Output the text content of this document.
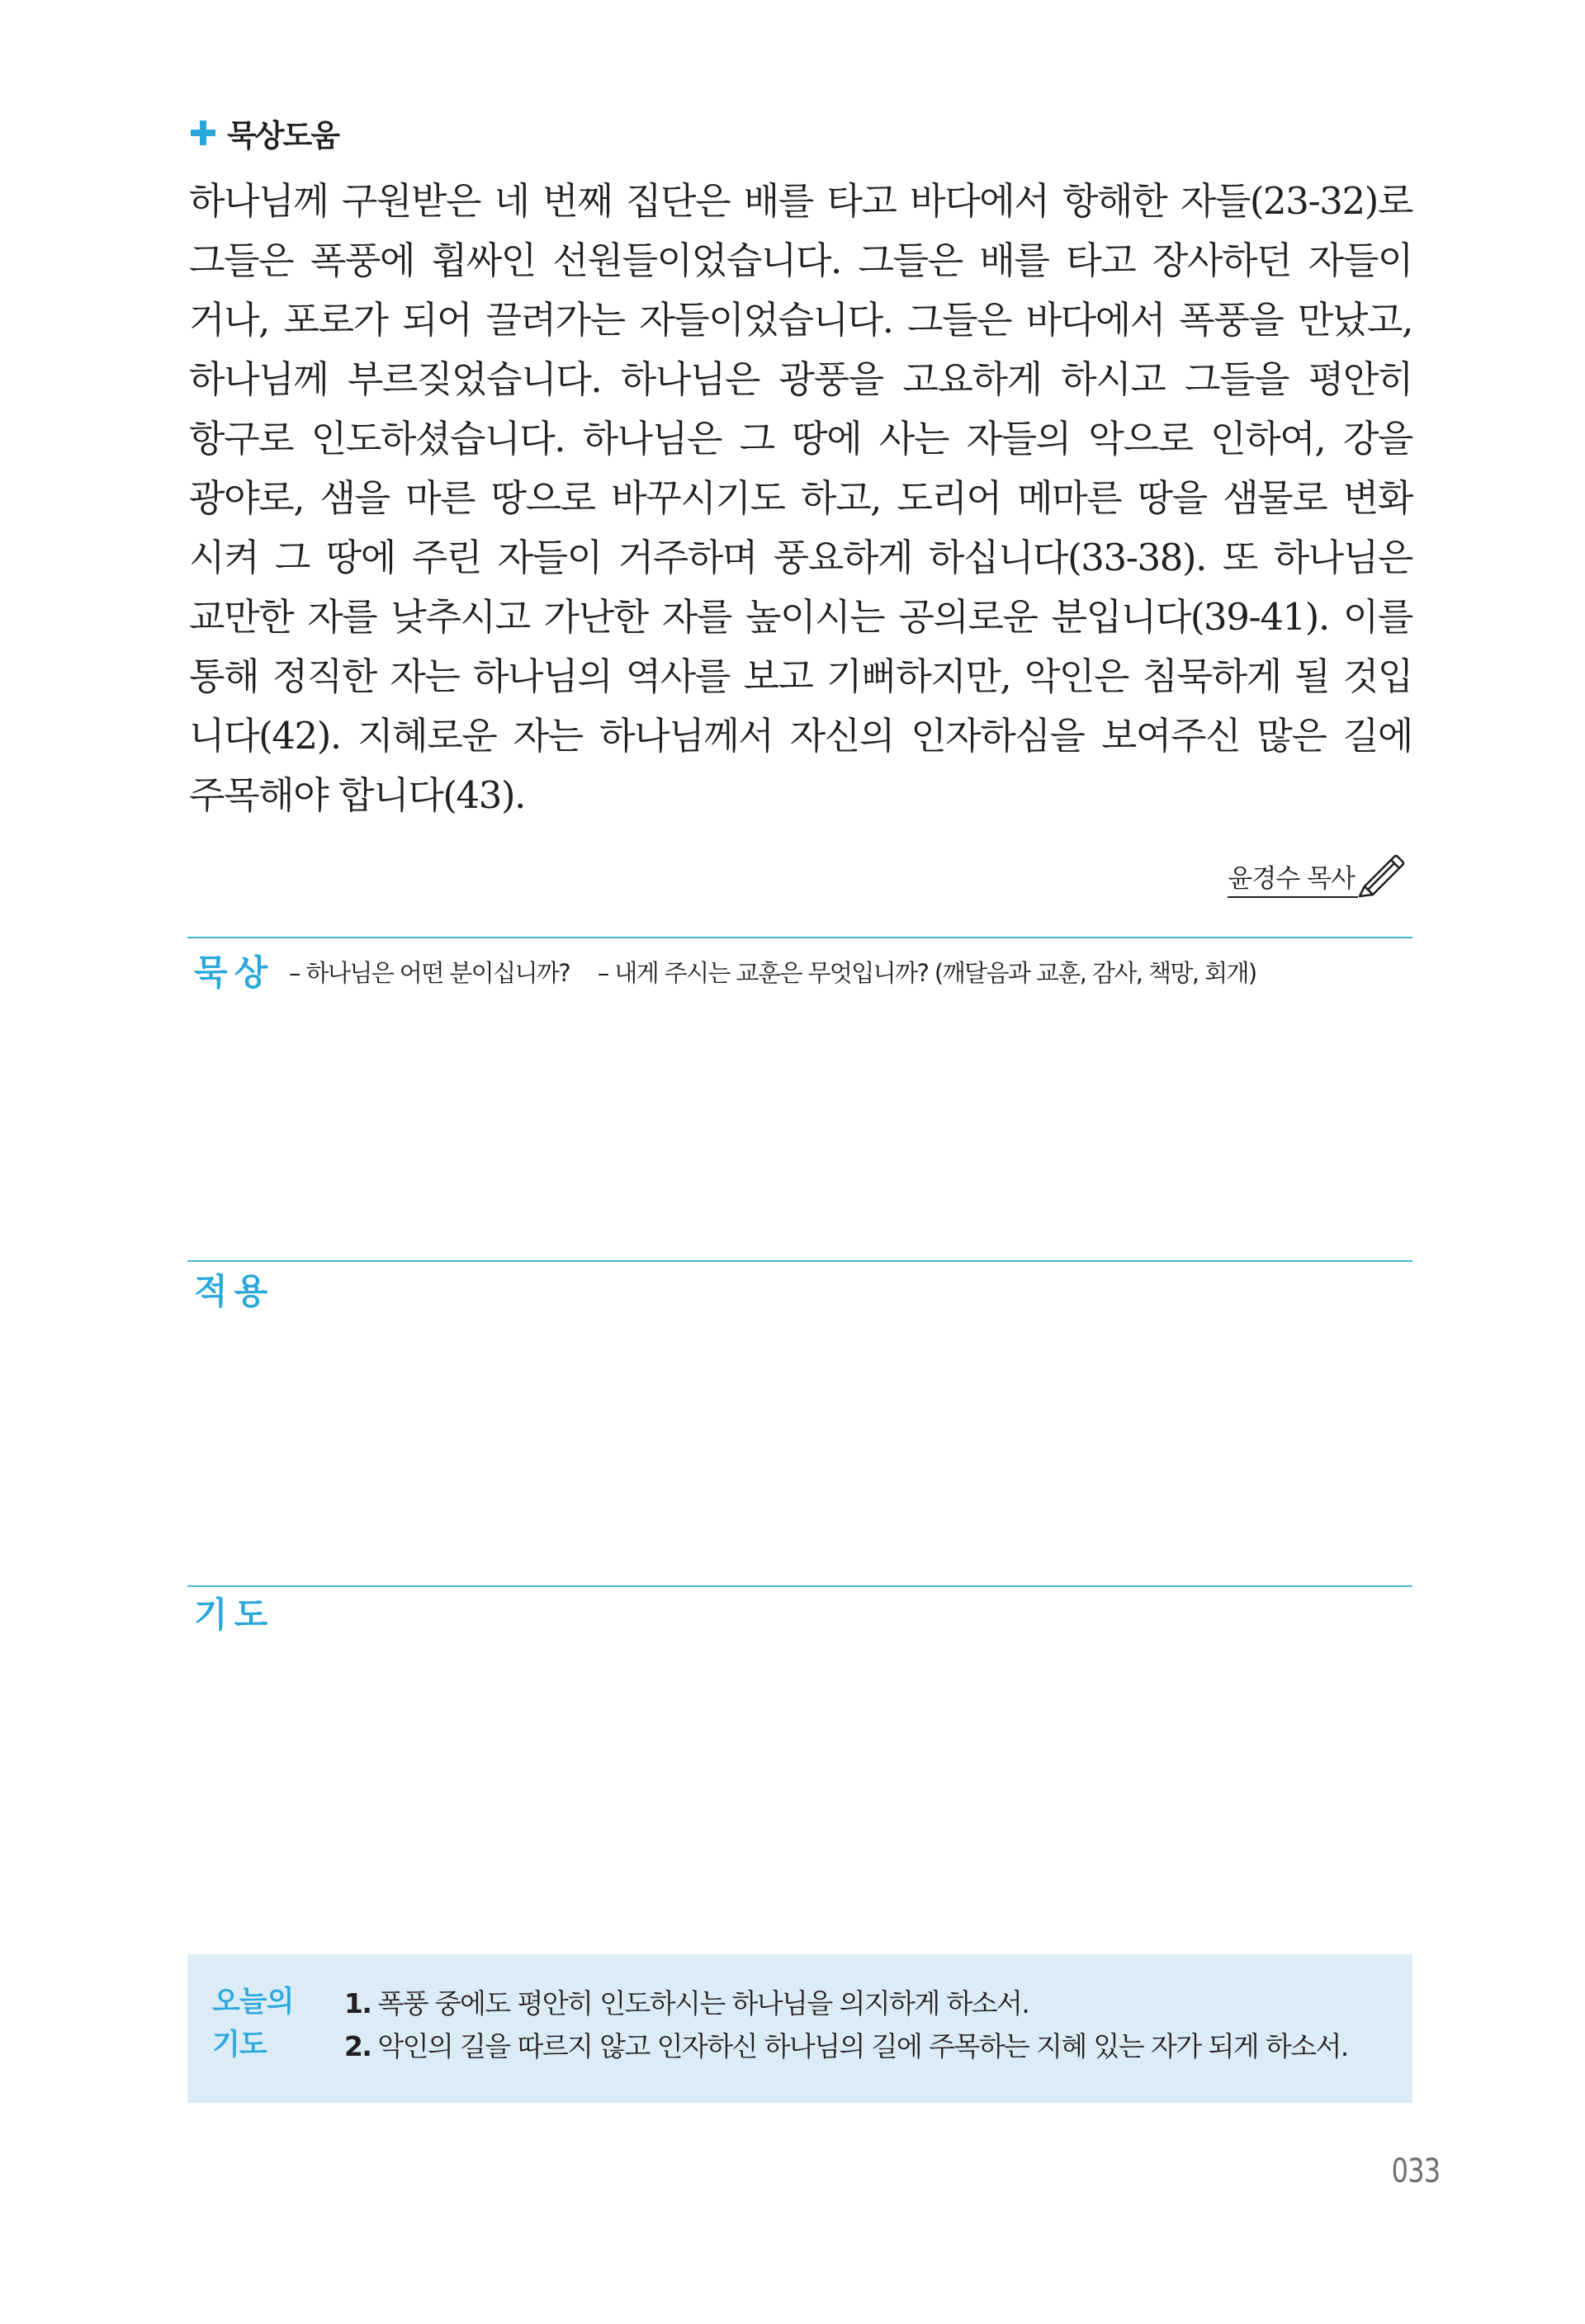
묵상도움
하나님께 구원받은 네 번째 집단은 배를 타고 바다에서 항해한 자들(23-32)로
그들은 폭풍에 휩싸인 선원들이었습니다. 그들은 배를 타고 장사하던 자들이
거나, 포로가 되어 끌려가는 자들이었습니다. 그들은 바다에서 폭풍을 만났고,
하나님께 부르짖었습니다. 하나님은 광풍을 고요하게 하시고 그들을 평안히
항구로 인도하셨습니다. 하나님은 그 땅에 사는 자들의 악으로 인하여, 강을
광야로, 샘을 마른 땅으로 바꾸시기도 하고, 도리어 메마른 땅을 샘물로 변화
시켜 그 땅에 주린 자들이 거주하며 풍요하게 하십니다(33-38). 또 하나님은
교만한 자를 낮추시고 가난한 자를 높이시는 공의로운 분입니다(39-41). 이를
통해 정직한 자는 하나님의 역사를 보고 기뻐하지만, 악인은 침묵하게 될 것입
니다(42). 지혜로운 자는 하나님께서 자신의 인자하심을 보여주신 많은 길에
주목해야 합니다(43).
윤경수 목사
묵상 – 하나님은 어떤 분이십니까? – 내게 주시는 교훈은 무엇입니까? (깨달음과 교훈, 감사, 책망, 회개)
적용
기도
오늘의
기도
1. 폭풍 중에도 평안히 인도하시는 하나님을 의지하게 하소서.
2. 악인의 길을 따르지 않고 인자하신 하나님의 길에 주목하는 지혜 있는 자가 되게 하소서.
033
